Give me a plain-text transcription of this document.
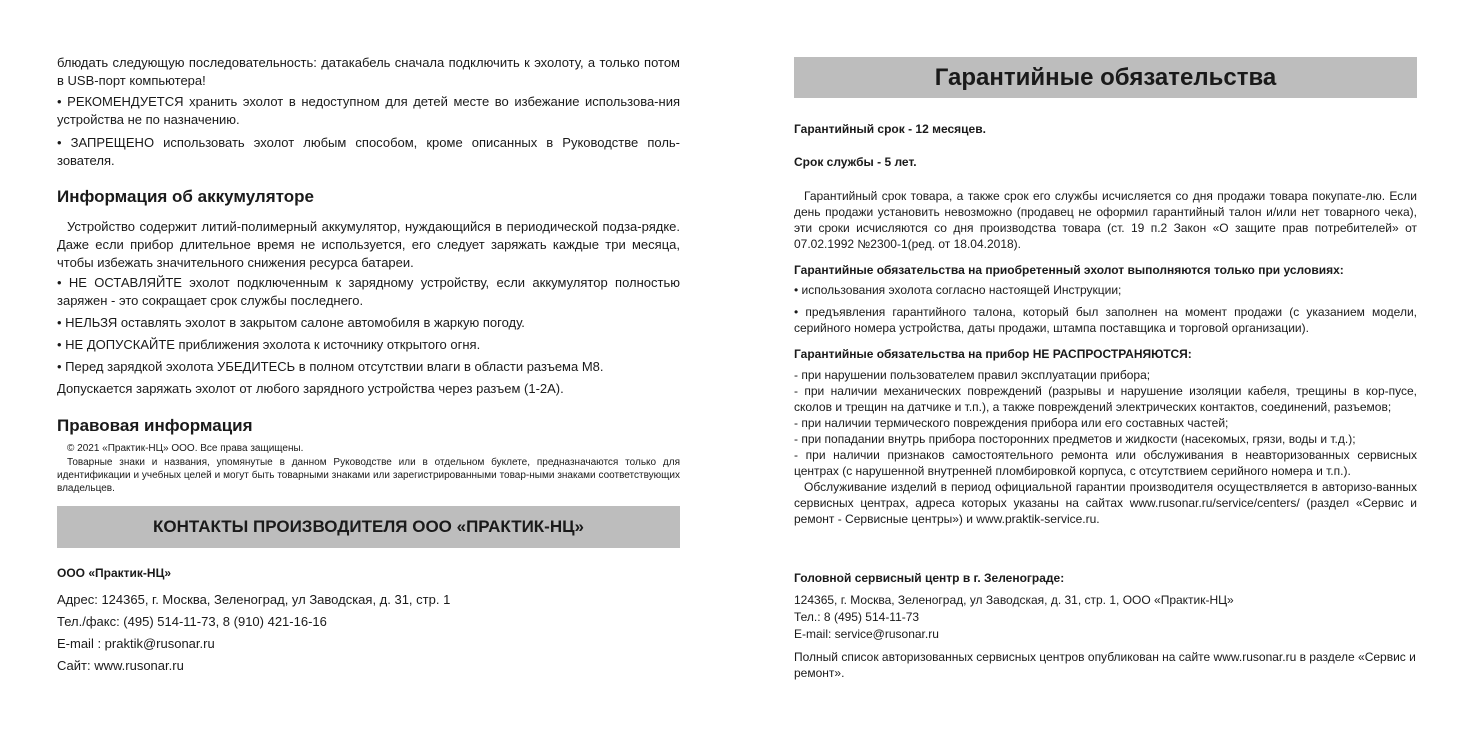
блюдать следующую последовательность: датакабель сначала подключить к эхолоту, а только потом в USB-порт компьютера!

• РЕКОМЕНДУЕТСЯ хранить эхолот в недоступном для детей месте во избежание использова-ния устройства не по назначению.

• ЗАПРЕЩЕНО использовать эхолот любым способом, кроме описанных в Руководстве поль-зователя.

Информация об аккумуляторе

Устройство содержит литий-полимерный аккумулятор, нуждающийся в периодической подза-рядке. Даже если прибор длительное время не используется, его следует заряжать каждые три месяца, чтобы избежать значительного снижения ресурса батареи.

• НЕ ОСТАВЛЯЙТЕ эхолот подключенным к зарядному устройству, если аккумулятор полностью заряжен - это сокращает срок службы последнего.

• НЕЛЬЗЯ оставлять эхолот в закрытом салоне автомобиля в жаркую погоду.

• НЕ ДОПУСКАЙТЕ приближения эхолота к источнику открытого огня.

• Перед зарядкой эхолота УБЕДИТЕСЬ в полном отсутствии влаги в области разъема M8.

Допускается заряжать эхолот от любого зарядного устройства через разъем (1-2А).

Правовая информация

© 2021 «Практик-НЦ» ООО. Все права защищены.

Товарные знаки и названия, упомянутые в данном Руководстве или в отдельном буклете, предназначаются только для идентификации и учебных целей и могут быть товарными знаками или зарегистрированными товар-ными знаками соответствующих владельцев.

КОНТАКТЫ ПРОИЗВОДИТЕЛЯ ООО «ПРАКТИК-НЦ»

ООО «Практик-НЦ»

Адрес: 124365, г. Москва, Зеленоград, ул Заводская, д. 31, стр. 1

Тел./факс: (495) 514-11-73, 8 (910) 421-16-16

E-mail : praktik@rusonar.ru

Сайт: www.rusonar.ru

Гарантийные обязательства

Гарантийный срок - 12 месяцев.

Срок службы - 5 лет.

Гарантийный срок товара, а также срок его службы исчисляется со дня продажи товара покупате-лю. Если день продажи установить невозможно (продавец не оформил гарантийный талон и/или нет товарного чека), эти сроки исчисляются со дня производства товара (ст. 19 п.2 Закон «О защите прав потребителей» от 07.02.1992 №2300-1(ред. от 18.04.2018).

Гарантийные обязательства на приобретенный эхолот выполняются только при условиях:

• использования эхолота согласно настоящей Инструкции;

• предъявления гарантийного талона, который был заполнен на момент продажи (с указанием модели, серийного номера устройства, даты продажи, штампа поставщика и торговой организации).

Гарантийные обязательства на прибор НЕ РАСПРОСТРАНЯЮТСЯ:

- при нарушении пользователем правил эксплуатации прибора;

- при наличии механических повреждений (разрывы и нарушение изоляции кабеля, трещины в кор-пусе, сколов и трещин на датчике и т.п.), а также повреждений электрических контактов, соединений, разъемов;

- при наличии термического повреждения прибора или его составных частей;

- при попадании внутрь прибора посторонних предметов и жидкости (насекомых, грязи, воды и т.д.);

- при наличии признаков самостоятельного ремонта или обслуживания в неавторизованных сервисных центрах (с нарушенной внутренней пломбировкой корпуса, с отсутствием серийного номера и т.п.).

Обслуживание изделий в период официальной гарантии производителя осуществляется в авторизо-ванных сервисных центрах, адреса которых указаны на сайтах www.rusonar.ru/service/centers/ (раздел «Сервис и ремонт - Сервисные центры») и www.praktik-service.ru.

Головной сервисный центр в г. Зеленограде:

124365, г. Москва, Зеленоград, ул Заводская, д. 31, стр. 1, ООО «Практик-НЦ»

Тел.: 8 (495) 514-11-73

E-mail: service@rusonar.ru

Полный список авторизованных сервисных центров опубликован на сайте www.rusonar.ru в разделе «Сервис и ремонт».
